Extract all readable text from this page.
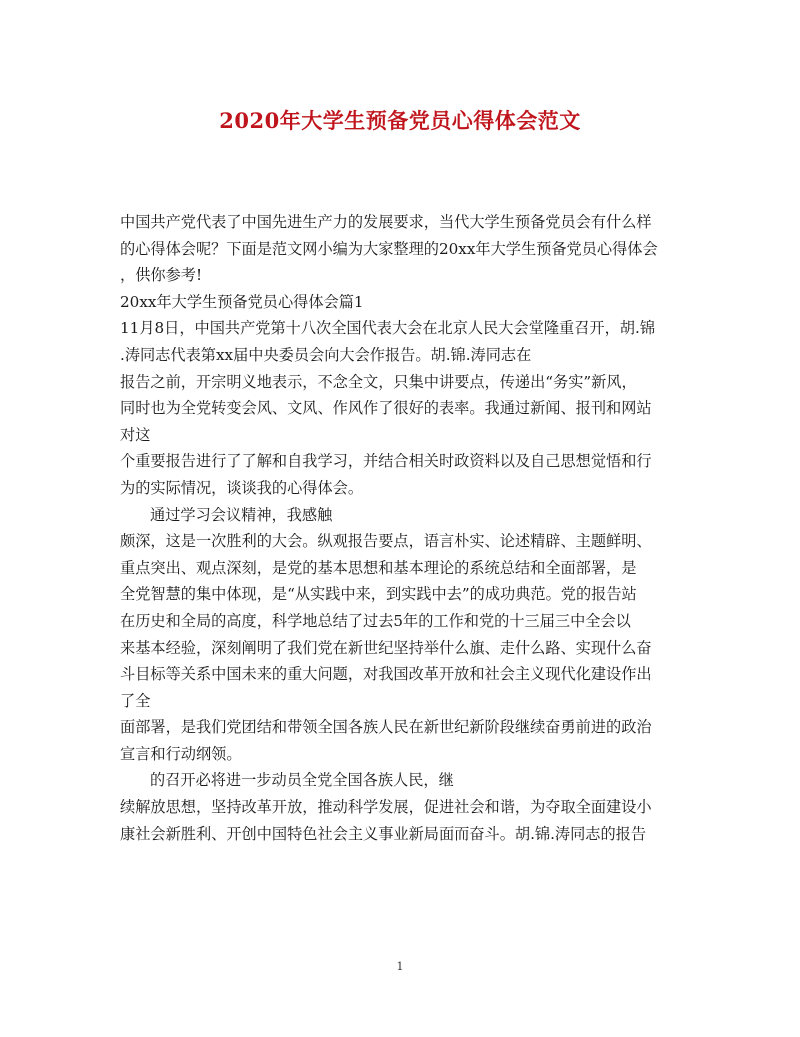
2020年大学生预备党员心得体会范文
中国共产党代表了中国先进生产力的发展要求，当代大学生预备党员会有什么样
的心得体会呢？下面是范文网小编为大家整理的20xx年大学生预备党员心得体会
，供你参考!
20xx年大学生预备党员心得体会篇1
11月8日，中国共产党第十八次全国代表大会在北京人民大会堂隆重召开，胡.锦
.涛同志代表第xx届中央委员会向大会作报告。胡.锦.涛同志在
报告之前，开宗明义地表示，不念全文，只集中讲要点，传递出“务实”新风，
同时也为全党转变会风、文风、作风作了很好的表率。我通过新闻、报刊和网站
对这
个重要报告进行了了解和自我学习，并结合相关时政资料以及自己思想觉悟和行
为的实际情况，谈谈我的心得体会。
通过学习会议精神，我感触
颇深，这是一次胜利的大会。纵观报告要点，语言朴实、论述精辟、主题鲜明、
重点突出、观点深刻，是党的基本思想和基本理论的系统总结和全面部署，是
全党智慧的集中体现，是“从实践中来，到实践中去”的成功典范。党的报告站
在历史和全局的高度，科学地总结了过去5年的工作和党的十三届三中全会以
来基本经验，深刻阐明了我们党在新世纪坚持举什么旗、走什么路、实现什么奋
斗目标等关系中国未来的重大问题，对我国改革开放和社会主义现代化建设作出
了全
面部署，是我们党团结和带领全国各族人民在新世纪新阶段继续奋勇前进的政治
宣言和行动纲领。
的召开必将进一步动员全党全国各族人民，继
续解放思想，坚持改革开放，推动科学发展，促进社会和谐，为夺取全面建设小
康社会新胜利、开创中国特色社会主义事业新局面而奋斗。胡.锦.涛同志的报告
1
